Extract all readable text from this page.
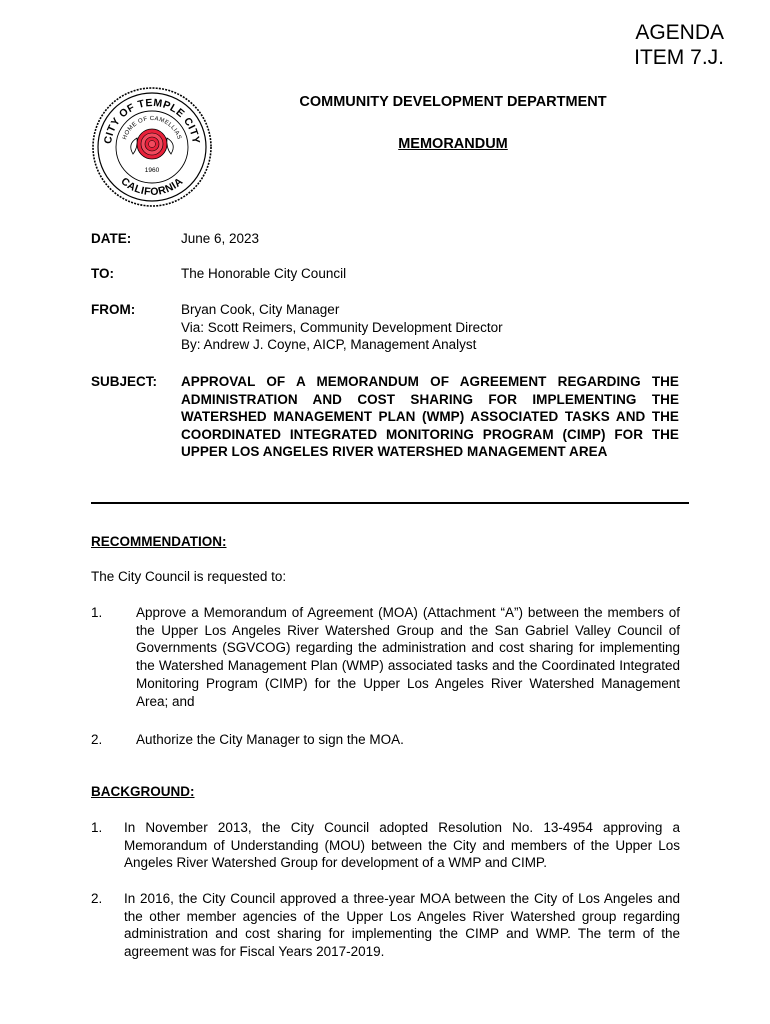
AGENDA
ITEM 7.J.
CITY OF TEMPLE CITY
HOME OF CAMELLIAS
CALIFORNIA
1960
COMMUNITY DEVELOPMENT DEPARTMENT
MEMORANDUM
DATE:	June 6, 2023
TO:	The Honorable City Council
FROM:	Bryan Cook, City Manager
Via: Scott Reimers, Community Development Director
By: Andrew J. Coyne, AICP, Management Analyst
SUBJECT: APPROVAL OF A MEMORANDUM OF AGREEMENT REGARDING THE ADMINISTRATION AND COST SHARING FOR IMPLEMENTING THE WATERSHED MANAGEMENT PLAN (WMP) ASSOCIATED TASKS AND THE COORDINATED INTEGRATED MONITORING PROGRAM (CIMP) FOR THE UPPER LOS ANGELES RIVER WATERSHED MANAGEMENT AREA
RECOMMENDATION:
The City Council is requested to:
1. Approve a Memorandum of Agreement (MOA) (Attachment “A”) between the members of the Upper Los Angeles River Watershed Group and the San Gabriel Valley Council of Governments (SGVCOG) regarding the administration and cost sharing for implementing the Watershed Management Plan (WMP) associated tasks and the Coordinated Integrated Monitoring Program (CIMP) for the Upper Los Angeles River Watershed Management Area; and
2. Authorize the City Manager to sign the MOA.
BACKGROUND:
1. In November 2013, the City Council adopted Resolution No. 13-4954 approving a Memorandum of Understanding (MOU) between the City and members of the Upper Los Angeles River Watershed Group for development of a WMP and CIMP.
2. In 2016, the City Council approved a three-year MOA between the City of Los Angeles and the other member agencies of the Upper Los Angeles River Watershed group regarding administration and cost sharing for implementing the CIMP and WMP. The term of the agreement was for Fiscal Years 2017-2019.
